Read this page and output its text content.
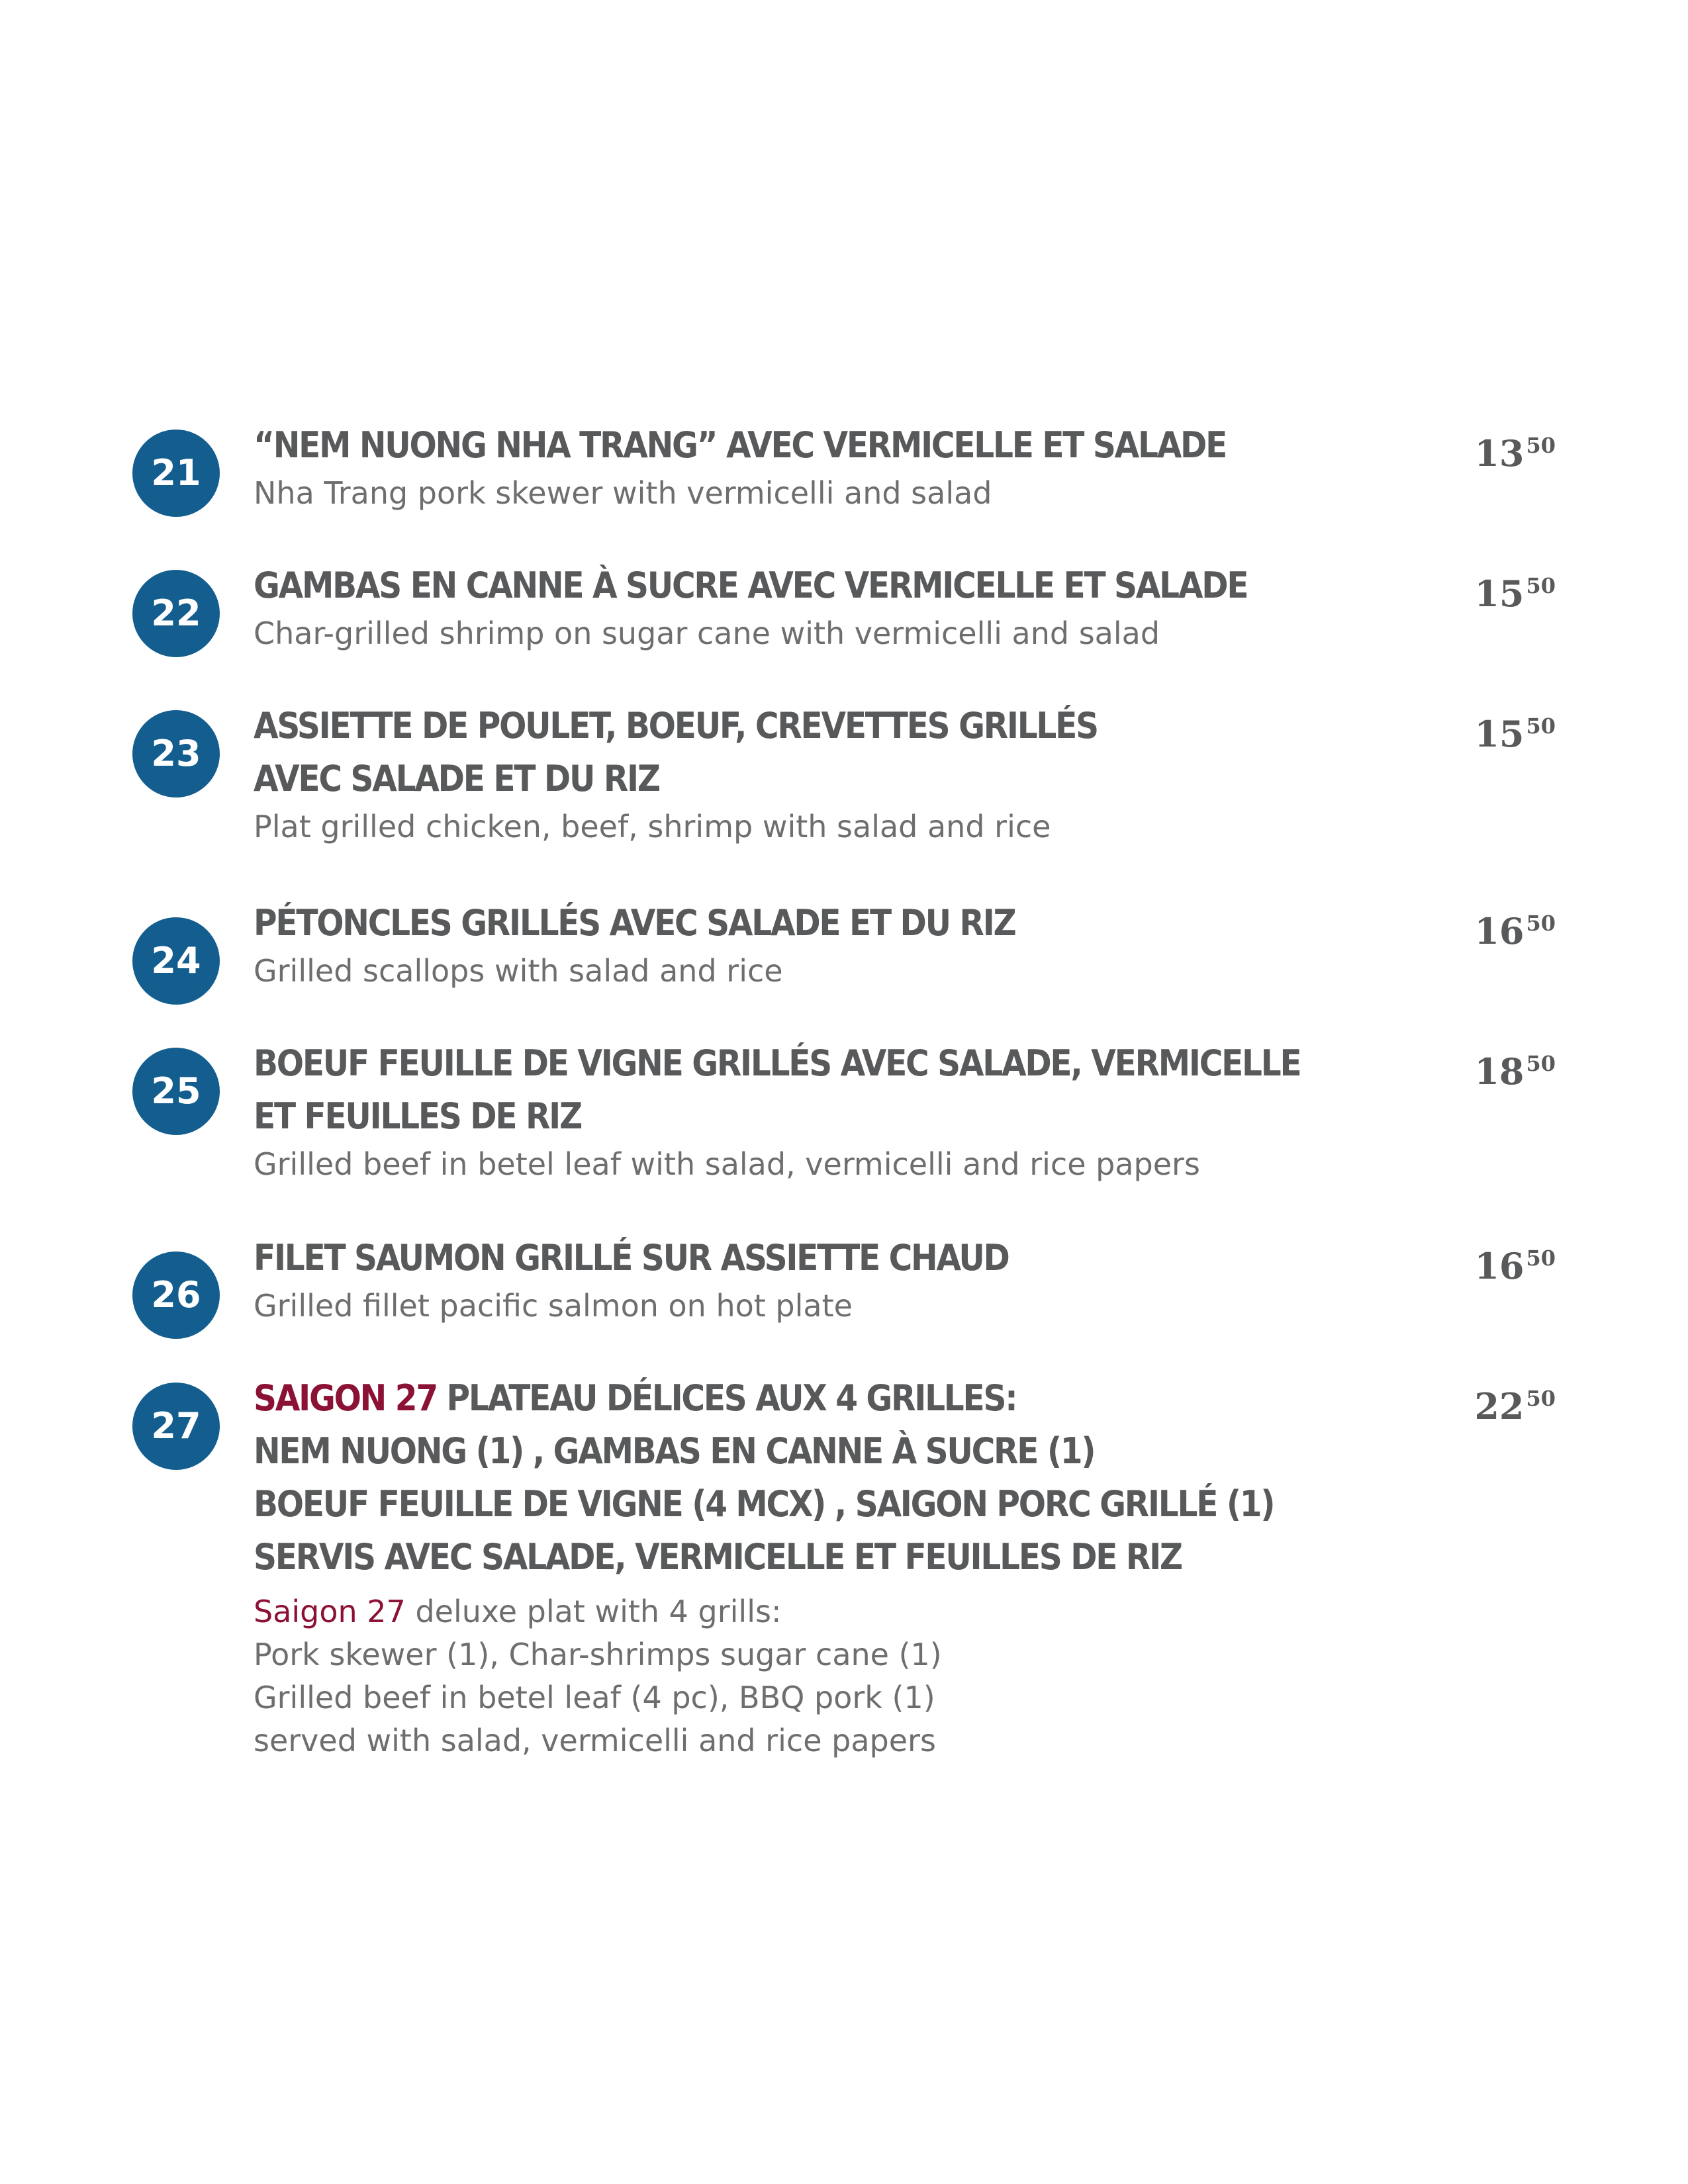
21

“NEM NUONG NHA TRANG” AVEC VERMICELLE ET SALADE

Nha Trang pork skewer with vermicelli and salad

$13^{50}$
22

GAMBAS EN CANNE À SUCRE AVEC VERMICELLE ET SALADE

Char-grilled shrimp on sugar cane with vermicelli and salad

$15^{50}$
23

ASSIETTE DE POULET, BOEUF, CREVETTES GRILLÉS

AVEC SALADE ET DU RIZ

Plat grilled chicken, beef, shrimp with salad and rice

$15^{50}$
24

PÉTONCLES GRILLÉS AVEC SALADE ET DU RIZ

Grilled scallops with salad and rice

$16^{50}$
25

BOEUF FEUILLE DE VIGNE GRILLÉS AVEC SALADE, VERMICELLE

ET FEUILLES DE RIZ

Grilled beef in betel leaf with salad, vermicelli and rice papers

$18^{50}$
26

FILET SAUMON GRILLÉ SUR ASSIETTE CHAUD

Grilled fillet pacific salmon on hot plate

$16^{50}$
27

SAIGON 27 PLATEAU DÉLICES AUX 4 GRILLES:

NEM NUONG (1) , GAMBAS EN CANNE À SUCRE (1)

BOEUF FEUILLE DE VIGNE (4 MCX) , SAIGON PORC GRILLÉ (1)

SERVIS AVEC SALADE, VERMICELLE ET FEUILLES DE RIZ

Saigon 27 deluxe plat with 4 grills:

Pork skewer (1), Char-shrimps sugar cane (1)

Grilled beef in betel leaf (4 pc), BBQ pork (1)

served with salad, vermicelli and rice papers

$22^{50}$
